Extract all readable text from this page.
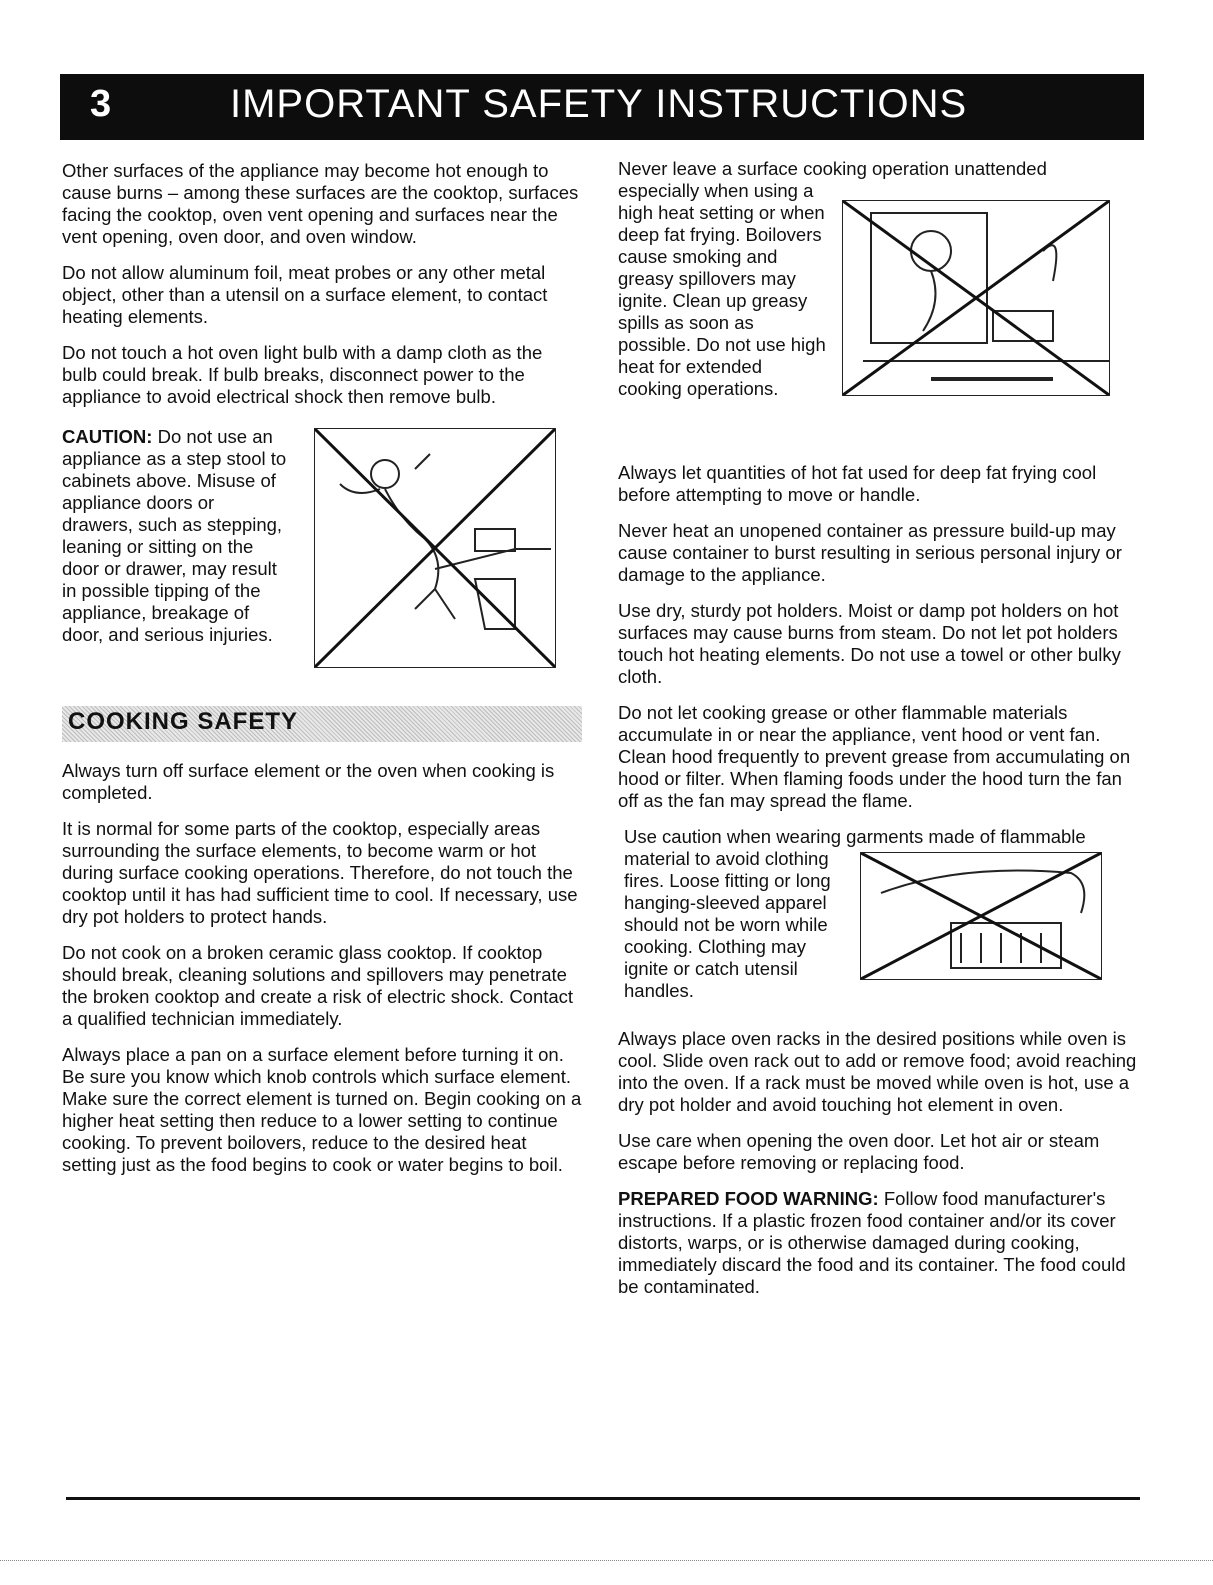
3	IMPORTANT SAFETY INSTRUCTIONS

Other surfaces of the appliance may become hot enough to cause burns – among these surfaces are the cooktop, surfaces facing the cooktop, oven vent opening and surfaces near the vent opening, oven door, and oven window.

Do not allow aluminum foil, meat probes or any other metal object, other than a utensil on a surface element, to contact heating elements.

Do not touch a hot oven light bulb with a damp cloth as the bulb could break. If bulb breaks, disconnect power to the appliance to avoid electrical shock then remove bulb.

CAUTION: Do not use an appliance as a step stool to cabinets above. Misuse of appliance doors or drawers, such as stepping, leaning or sitting on the door or drawer, may result in possible tipping of the appliance, breakage of door, and serious injuries.
COOKING SAFETY

Always turn off surface element or the oven when cooking is completed.

It is normal for some parts of the cooktop, especially areas surrounding the surface elements, to become warm or hot during surface cooking operations. Therefore, do not touch the cooktop until it has had sufficient time to cool. If necessary, use dry pot holders to protect hands.

Do not cook on a broken ceramic glass cooktop. If cooktop should break, cleaning solutions and spillovers may penetrate the broken cooktop and create a risk of electric shock. Contact a qualified technician immediately.

Always place a pan on a surface element before turning it on. Be sure you know which knob controls which surface element. Make sure the correct element is turned on. Begin cooking on a higher heat setting then reduce to a lower setting to continue cooking. To prevent boilovers, reduce to the desired heat setting just as the food begins to cook or water begins to boil.

Never leave a surface cooking operation unattended
especially when using a high heat setting or when deep fat frying. Boilovers cause smoking and greasy spillovers may ignite. Clean up greasy spills as soon as possible. Do not use high heat for extended cooking operations.

Always let quantities of hot fat used for deep fat frying cool before attempting to move or handle.

Never heat an unopened container as pressure build-up may cause container to burst resulting in serious personal injury or damage to the appliance.

Use dry, sturdy pot holders. Moist or damp pot holders on hot surfaces may cause burns from steam. Do not let pot holders touch hot heating elements. Do not use a towel or other bulky cloth.

Do not let cooking grease or other flammable materials accumulate in or near the appliance, vent hood or vent fan. Clean hood frequently to prevent grease from accumulating on hood or filter. When flaming foods under the hood turn the fan off as the fan may spread the flame.

Use caution when wearing garments made of flammable
material to avoid clothing fires. Loose fitting or long hanging-sleeved apparel should not be worn while cooking. Clothing may ignite or catch utensil handles.

Always place oven racks in the desired positions while oven is cool. Slide oven rack out to add or remove food; avoid reaching into the oven. If a rack must be moved while oven is hot, use a dry pot holder and avoid touching hot element in oven.

Use care when opening the oven door. Let hot air or steam escape before removing or replacing food.

PREPARED FOOD WARNING: Follow food manufacturer's instructions. If a plastic frozen food container and/or its cover distorts, warps, or is otherwise damaged during cooking, immediately discard the food and its container. The food could be contaminated.
